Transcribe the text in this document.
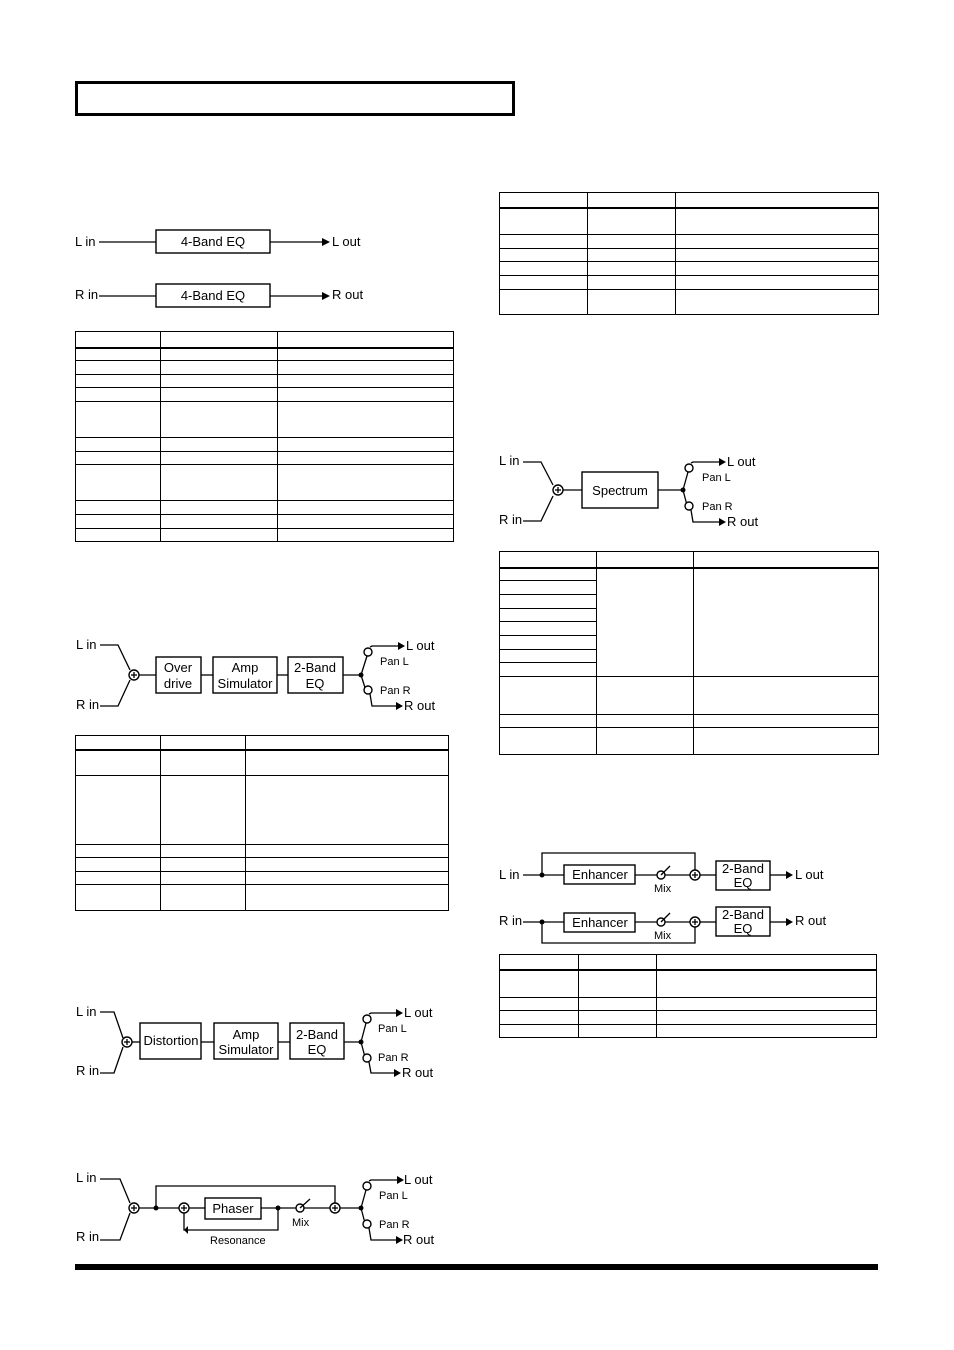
L in	4-Band EQ	L out
R in	4-Band EQ	R out
L in
R in
Over
drive
Amp
Simulator
2-Band
EQ
L out
R out
Pan L
Pan R
L in
R in
Distortion	Amp
Simulator
2-Band
EQ
L out
R out
Pan L
Pan R
L in
R in
Phaser
L out
R out
Pan L
Pan R
Mix
Resonance
L in
R in
Spectrum
L out
R out
Pan L
Pan R
L in	Enhancer	2-Band
EQ
L out
Mix
R in	Enhancer
2-Band
EQ
R out
Mix
